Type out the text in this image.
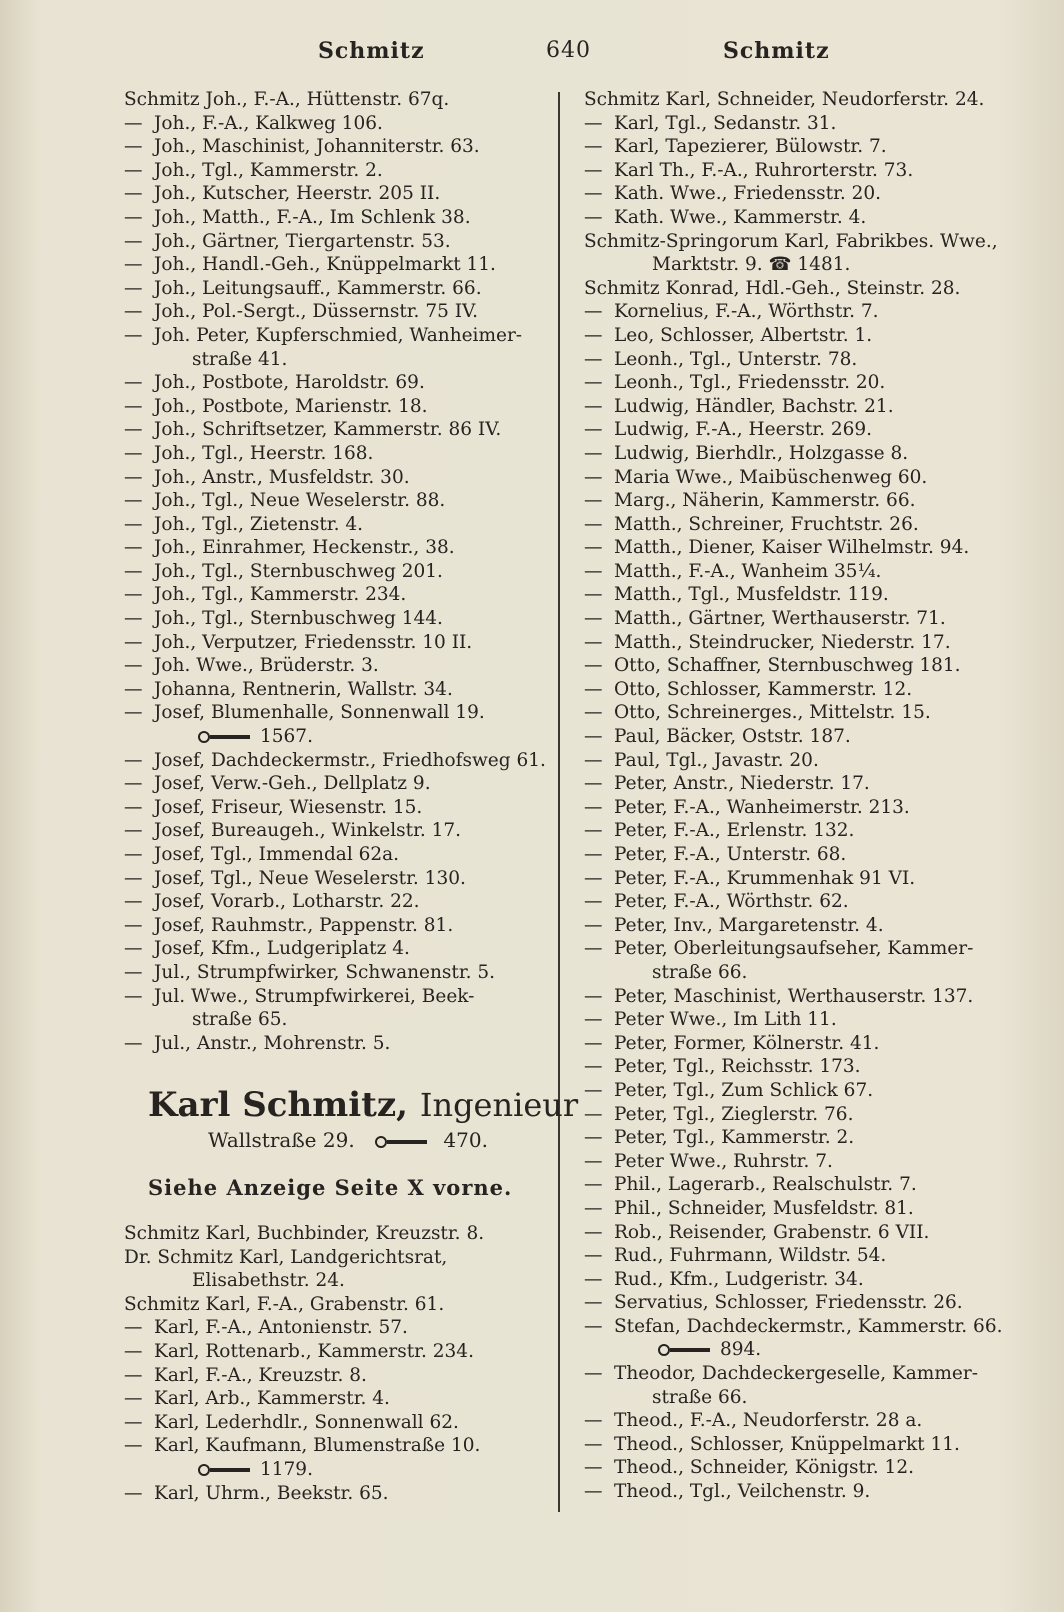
Schmitz	640	Schmitz
Schmitz Joh., F.-A., Hüttenstr. 67q.
— Joh., F.-A., Kalkweg 106.
— Joh., Maschinist, Johanniterstr. 63.
— Joh., Tgl., Kammerstr. 2.
— Joh., Kutscher, Heerstr. 205 II.
— Joh., Matth., F.-A., Im Schlenk 38.
— Joh., Gärtner, Tiergartenstr. 53.
— Joh., Handl.-Geh., Knüppelmarkt 11.
— Joh., Leitungsauff., Kammerstr. 66.
— Joh., Pol.-Sergt., Düssernstr. 75 IV.
— Joh. Peter, Kupferschmied, Wanheimer-
straße 41.
— Joh., Postbote, Haroldstr. 69.
— Joh., Postbote, Marienstr. 18.
— Joh., Schriftsetzer, Kammerstr. 86 IV.
— Joh., Tgl., Heerstr. 168.
— Joh., Anstr., Musfeldstr. 30.
— Joh., Tgl., Neue Weselerstr. 88.
— Joh., Tgl., Zietenstr. 4.
— Joh., Einrahmer, Heckenstr., 38.
— Joh., Tgl., Sternbuschweg 201.
— Joh., Tgl., Kammerstr. 234.
— Joh., Tgl., Sternbuschweg 144.
— Joh., Verputzer, Friedensstr. 10 II.
— Joh. Wwe., Brüderstr. 3.
— Johanna, Rentnerin, Wallstr. 34.
— Josef, Blumenhalle, Sonnenwall 19.
1567.
— Josef, Dachdeckermstr., Friedhofsweg 61.
— Josef, Verw.-Geh., Dellplatz 9.
— Josef, Friseur, Wiesenstr. 15.
— Josef, Bureaugeh., Winkelstr. 17.
— Josef, Tgl., Immendal 62a.
— Josef, Tgl., Neue Weselerstr. 130.
— Josef, Vorarb., Lotharstr. 22.
— Josef, Rauhmstr., Pappenstr. 81.
— Josef, Kfm., Ludgeriplatz 4.
— Jul., Strumpfwirker, Schwanenstr. 5.
— Jul. Wwe., Strumpfwirkerei, Beek-
straße 65.
— Jul., Anstr., Mohrenstr. 5.
Karl Schmitz, Ingenieur
Wallstraße 29.	470.
Siehe Anzeige Seite X vorne.
Schmitz Karl, Buchbinder, Kreuzstr. 8.
Dr. Schmitz Karl, Landgerichtsrat,
Elisabethstr. 24.
Schmitz Karl, F.-A., Grabenstr. 61.
— Karl, F.-A., Antonienstr. 57.
— Karl, Rottenarb., Kammerstr. 234.
— Karl, F.-A., Kreuzstr. 8.
— Karl, Arb., Kammerstr. 4.
— Karl, Lederhdlr., Sonnenwall 62.
— Karl, Kaufmann, Blumenstraße 10.
1179.
— Karl, Uhrm., Beekstr. 65.
Schmitz Karl, Schneider, Neudorferstr. 24.
— Karl, Tgl., Sedanstr. 31.
— Karl, Tapezierer, Bülowstr. 7.
— Karl Th., F.-A., Ruhrorterstr. 73.
— Kath. Wwe., Friedensstr. 20.
— Kath. Wwe., Kammerstr. 4.
Schmitz-Springorum Karl, Fabrikbes. Wwe.,
Marktstr. 9. ☎ 1481.
Schmitz Konrad, Hdl.-Geh., Steinstr. 28.
— Kornelius, F.-A., Wörthstr. 7.
— Leo, Schlosser, Albertstr. 1.
— Leonh., Tgl., Unterstr. 78.
— Leonh., Tgl., Friedensstr. 20.
— Ludwig, Händler, Bachstr. 21.
— Ludwig, F.-A., Heerstr. 269.
— Ludwig, Bierhdlr., Holzgasse 8.
— Maria Wwe., Maibüschenweg 60.
— Marg., Näherin, Kammerstr. 66.
— Matth., Schreiner, Fruchtstr. 26.
— Matth., Diener, Kaiser Wilhelmstr. 94.
— Matth., F.-A., Wanheim 35¼.
— Matth., Tgl., Musfeldstr. 119.
— Matth., Gärtner, Werthauserstr. 71.
— Matth., Steindrucker, Niederstr. 17.
— Otto, Schaffner, Sternbuschweg 181.
— Otto, Schlosser, Kammerstr. 12.
— Otto, Schreinerges., Mittelstr. 15.
— Paul, Bäcker, Oststr. 187.
— Paul, Tgl., Javastr. 20.
— Peter, Anstr., Niederstr. 17.
— Peter, F.-A., Wanheimerstr. 213.
— Peter, F.-A., Erlenstr. 132.
— Peter, F.-A., Unterstr. 68.
— Peter, F.-A., Krummenhak 91 VI.
— Peter, F.-A., Wörthstr. 62.
— Peter, Inv., Margaretenstr. 4.
— Peter, Oberleitungsaufseher, Kammer-
straße 66.
— Peter, Maschinist, Werthauserstr. 137.
— Peter Wwe., Im Lith 11.
— Peter, Former, Kölnerstr. 41.
— Peter, Tgl., Reichsstr. 173.
— Peter, Tgl., Zum Schlick 67.
— Peter, Tgl., Zieglerstr. 76.
— Peter, Tgl., Kammerstr. 2.
— Peter Wwe., Ruhrstr. 7.
— Phil., Lagerarb., Realschulstr. 7.
— Phil., Schneider, Musfeldstr. 81.
— Rob., Reisender, Grabenstr. 6 VII.
— Rud., Fuhrmann, Wildstr. 54.
— Rud., Kfm., Ludgeristr. 34.
— Servatius, Schlosser, Friedensstr. 26.
— Stefan, Dachdeckermstr., Kammerstr. 66.
894.
— Theodor, Dachdeckergeselle, Kammer-
straße 66.
— Theod., F.-A., Neudorferstr. 28 a.
— Theod., Schlosser, Knüppelmarkt 11.
— Theod., Schneider, Königstr. 12.
— Theod., Tgl., Veilchenstr. 9.
